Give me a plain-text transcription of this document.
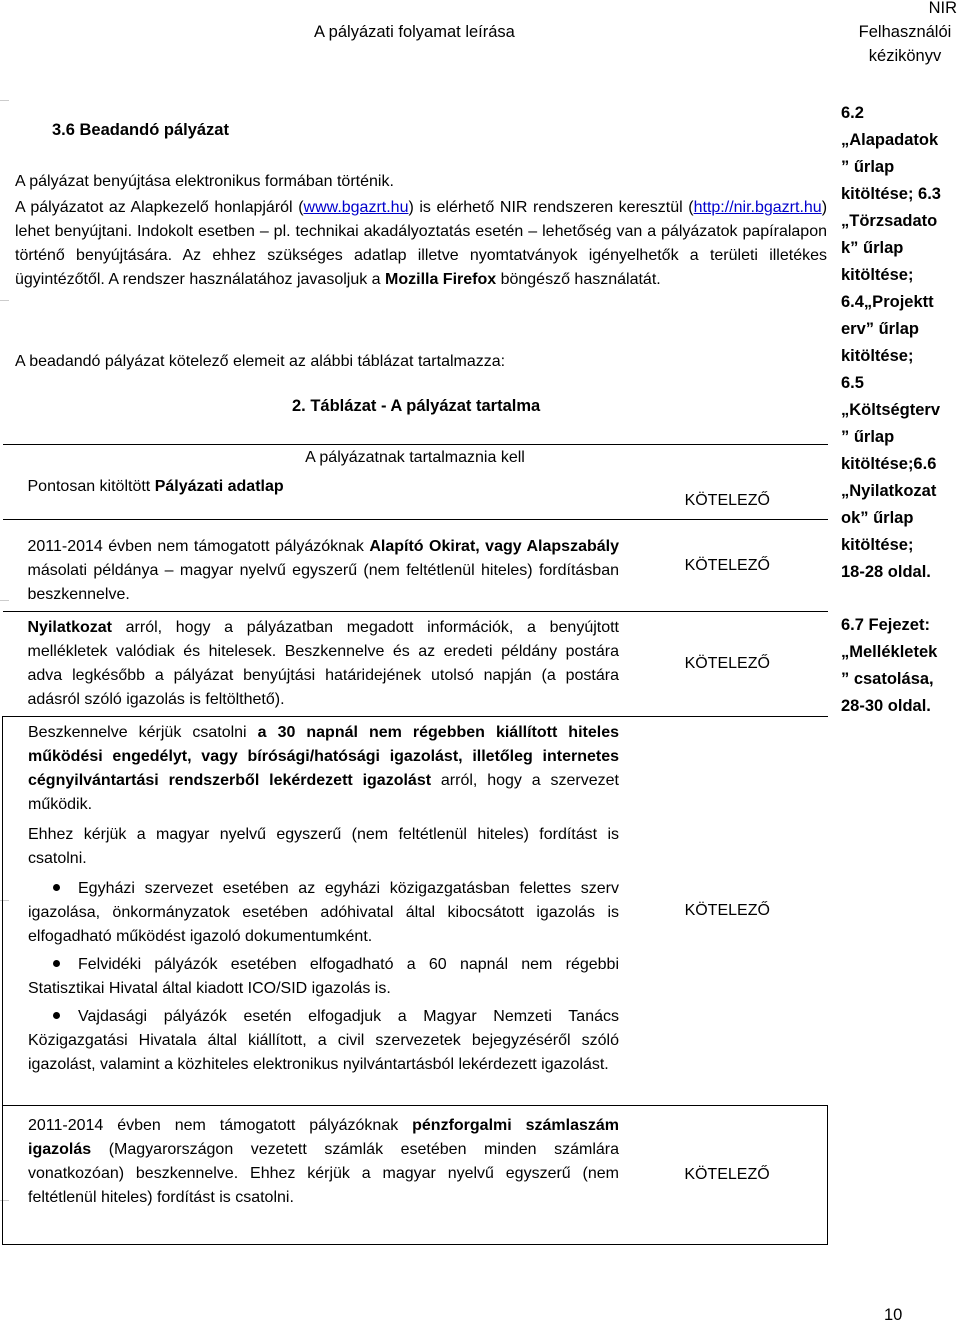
A pályázati folyamat leírása
NIR
Felhasználói
kézikönyv
3.6 Beadandó pályázat

A pályázat benyújtása elektronikus formában történik.

A pályázatot az Alapkezelő honlapjáról (www.bgazrt.hu) is elérhető NIR rendszeren keresztül (http://nir.bgazrt.hu) lehet benyújtani. Indokolt esetben – pl. technikai akadályoztatás esetén – lehetőség van a pályázatok papíralapon történő benyújtására. Az ehhez szükséges adatlap illetve nyomtatványok igényelhetők a területi illetékes ügyintézőtől. A rendszer használatához javasoljuk a Mozilla Firefox böngésző használatát.

A beadandó pályázat kötelező elemeit az alábbi táblázat tartalmazza:
2. Táblázat - A pályázat tartalma
A pályázatnak tartalmaznia kell	
Pontosan kitöltött Pályázati adatlap	KÖTELEZŐ
2011-2014 évben nem támogatott pályázóknak Alapító Okirat, vagy Alapszabály másolati példánya – magyar nyelvű egyszerű (nem feltétlenül hiteles) fordításban beszkennelve.	KÖTELEZŐ
Nyilatkozat arról, hogy a pályázatban megadott információk, a benyújtott mellékletek valódiak és hitelesek. Beszkennelve és az eredeti példány postára adva legkésőbb a pályázat benyújtási határidejének utolsó napján (a postára adásról szóló igazolás is feltölthető).	KÖTELEZŐ

Beszkennelve kérjük csatolni a 30 napnál nem régebben kiállított hiteles működési engedélyt, vagy bírósági/hatósági igazolást, illetőleg internetes cégnyilvántartási rendszerből lekérdezett igazolást arról, hogy a szervezet működik.
Ehhez kérjük a magyar nyelvű egyszerű (nem feltétlenül hiteles) fordítást is csatolni.
Egyházi szervezet esetében az egyházi közigazgatásban felettes szerv igazolása, önkormányzatok esetében adóhivatal által kibocsátott igazolás is elfogadható működést igazoló dokumentumként.
Felvidéki pályázók esetében elfogadható a 60 napnál nem régebbi Statisztikai Hivatal által kiadott ICO/SID igazolás is.
Vajdasági pályázók esetén elfogadjuk a Magyar Nemzeti Tanács Közigazgatási Hivatala által kiállított, a civil szervezetek bejegyzéséről szóló igazolást, valamint a közhiteles elektronikus nyilvántartásból lekérdezett igazolást.	KÖTELEZŐ
2011-2014 évben nem támogatott pályázóknak pénzforgalmi számlaszám igazolás (Magyarországon vezetett számlák esetében minden számlára vonatkozóan) beszkennelve. Ehhez kérjük a magyar nyelvű egyszerű (nem feltétlenül hiteles) fordítást is csatolni.	KÖTELEZŐ
6.2
„Alapadatok
” űrlap
kitöltése; 6.3
„Törzsadato
k” űrlap
kitöltése;
6.4„Projektt
erv” űrlap
kitöltése;
6.5
„Költségterv
” űrlap
kitöltése;6.6
„Nyilatkozat
ok” űrlap
kitöltése;
18-28 oldal.
6.7 Fejezet:
„Mellékletek
” csatolása,
28-30 oldal.
10
